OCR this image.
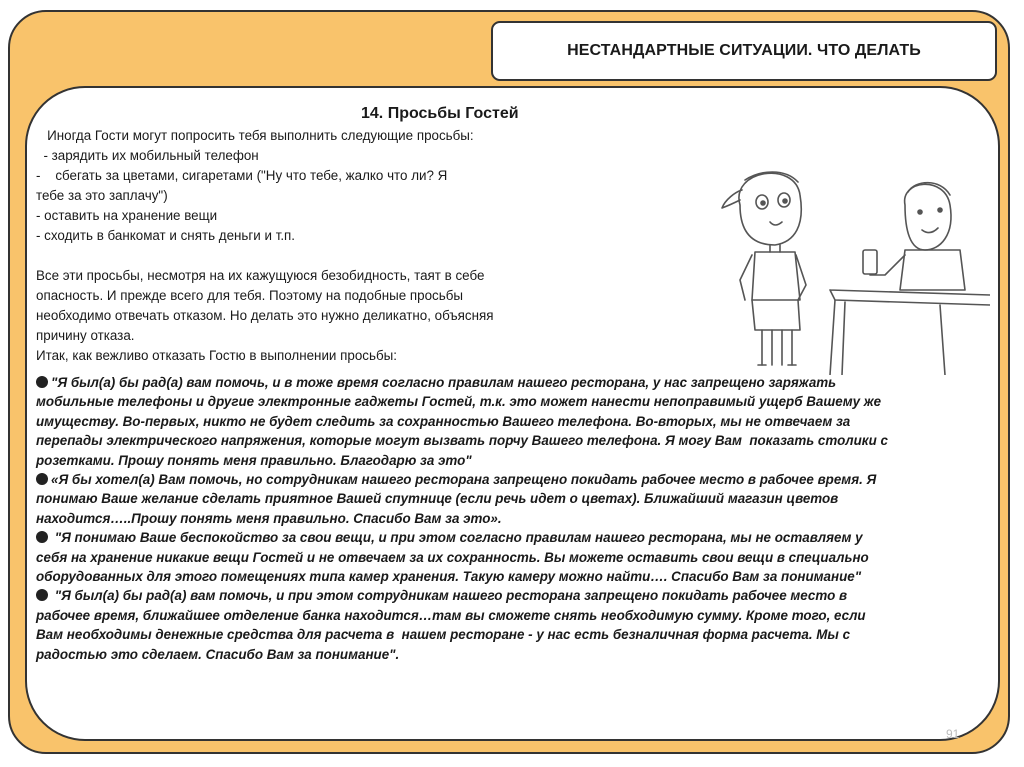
НЕСТАНДАРТНЫЕ СИТУАЦИИ. ЧТО ДЕЛАТЬ
14. Просьбы Гостей
Иногда Гости могут попросить тебя выполнить следующие просьбы:
- зарядить их мобильный телефон
-    сбегать за цветами, сигаретами ("Ну что тебе, жалко что ли? Я
тебе за это заплачу")
- оставить на хранение вещи
- сходить в банкомат и снять деньги и т.п.
Все эти просьбы, несмотря на их кажущуюся безобидность, таят в себе
опасность. И прежде всего для тебя. Поэтому на подобные просьбы
необходимо отвечать отказом. Но делать это нужно деликатно, объясняя
причину отказа.
Итак, как вежливо отказать Гостю в выполнении просьбы:
"Я был(а) бы рад(а) вам помочь, и в тоже время согласно правилам нашего ресторана, у нас запрещено заряжать
мобильные телефоны и другие электронные гаджеты Гостей, т.к. это может нанести непоправимый ущерб Вашему же
имуществу. Во-первых, никто не будет следить за сохранностью Вашего телефона. Во-вторых, мы не отвечаем за
перепады электрического напряжения, которые могут вызвать порчу Вашего телефона. Я могу Вам  показать столики с
розетками. Прошу понять меня правильно. Благодарю за это"
«Я бы хотел(а) Вам помочь, но сотрудникам нашего ресторана запрещено покидать рабочее место в рабочее время. Я
понимаю Ваше желание сделать приятное Вашей спутнице (если речь идет о цветах). Ближайший магазин цветов
находится…..Прошу понять меня правильно. Спасибо Вам за это».
"Я понимаю Ваше беспокойство за свои вещи, и при этом согласно правилам нашего ресторана, мы не оставляем у
себя на хранение никакие вещи Гостей и не отвечаем за их сохранность. Вы можете оставить свои вещи в специально
оборудованных для этого помещениях типа камер хранения. Такую камеру можно найти…. Спасибо Вам за понимание"
"Я был(а) бы рад(а) вам помочь, и при этом сотрудникам нашего ресторана запрещено покидать рабочее место в
рабочее время, ближайшее отделение банка находится…там вы сможете снять необходимую сумму. Кроме того, если
Вам необходимы денежные средства для расчета в  нашем ресторане - у нас есть безналичная форма расчета. Мы с
радостью это сделаем. Спасибо Вам за понимание".
91
